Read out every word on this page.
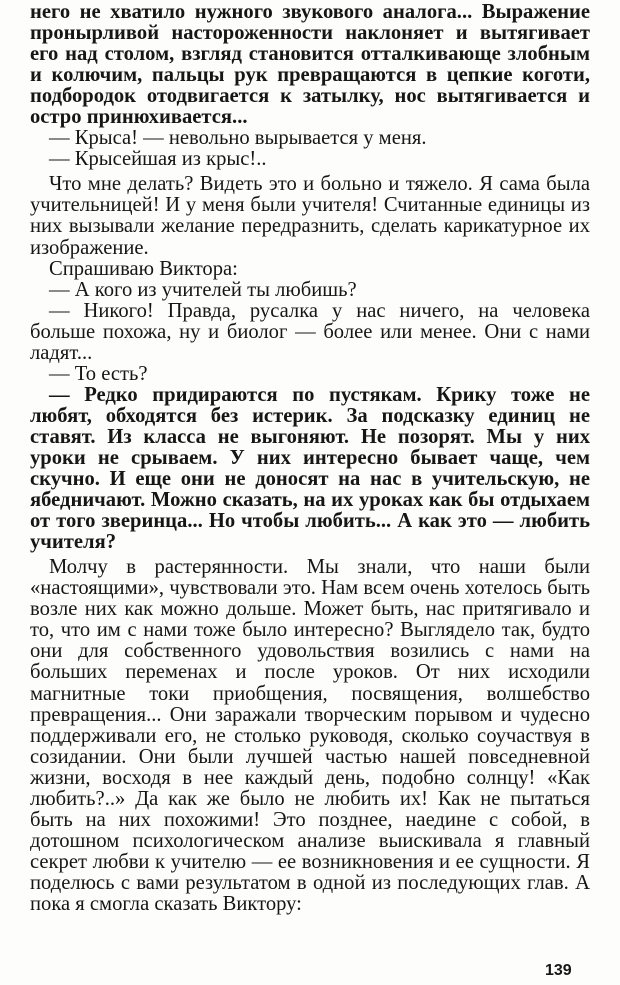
него не хватило нужного звукового аналога... Выражение пронырливой настороженности наклоняет и вытягивает его над столом, взгляд становится отталкивающе злобным и колючим, пальцы рук превращаются в цепкие коготи, подбородок отодвигается к затылку, нос вытягивается и остро принюхивается...

— Крыса! — невольно вырывается у меня.

— Крысейшая из крыс!..

Что мне делать? Видеть это и больно и тяжело. Я сама была учительницей! И у меня были учителя! Считанные единицы из них вызывали желание передразнить, сделать карикатурное их изображение.

Спрашиваю Виктора:

— А кого из учителей ты любишь?

— Никого! Правда, русалка у нас ничего, на человека больше похожа, ну и биолог — более или менее. Они с нами ладят...

— То есть?

— Редко придираются по пустякам. Крику тоже не любят, обходятся без истерик. За подсказку единиц не ставят. Из класса не выгоняют. Не позорят. Мы у них уроки не срываем. У них интересно бывает чаще, чем скучно. И еще они не доносят на нас в учительскую, не ябедничают. Можно сказать, на их уроках как бы отдыхаем от того зверинца... Но чтобы любить... А как это — любить учителя?

Молчу в растерянности. Мы знали, что наши были «настоящими», чувствовали это. Нам всем очень хотелось быть возле них как можно дольше. Может быть, нас притягивало и то, что им с нами тоже было интересно? Выглядело так, будто они для собственного удовольствия возились с нами на больших переменах и после уроков. От них исходили магнитные токи приобщения, посвящения, волшебство превращения... Они заражали творческим порывом и чудесно поддерживали его, не столько руководя, сколько соучаствуя в созидании. Они были лучшей частью нашей повседневной жизни, восходя в нее каждый день, подобно солнцу! «Как любить?..» Да как же было не любить их! Как не пытаться быть на них похожими! Это позднее, наедине с собой, в дотошном психологическом анализе выискивала я главный секрет любви к учителю — ее возникновения и ее сущности. Я поделюсь с вами результатом в одной из последующих глав. А пока я смогла сказать Виктору:

139
